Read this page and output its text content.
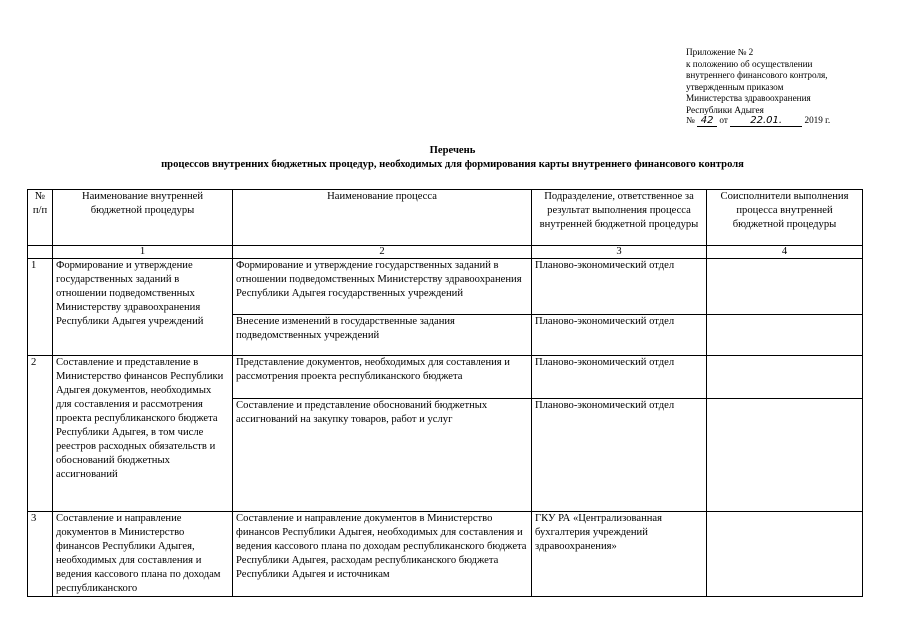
Приложение № 2
к положению об осуществлении
внутреннего финансового контроля,
утвержденным приказом
Министерства здравоохранения
Республики Адыгея
№ 42 от 22.01. 2019 г.
Перечень
процессов внутренних бюджетных процедур, необходимых для формирования карты внутреннего финансового контроля
№ п/п	Наименование внутренней бюджетной процедуры	Наименование процесса	Подразделение, ответственное за результат выполнения процесса внутренней бюджетной процедуры	Соисполнители выполнения процесса внутренней бюджетной процедуры
	1	2	3	4
1	Формирование и утверждение государственных заданий в отношении подведомственных Министерству здравоохранения Республики Адыгея учреждений	Формирование и утверждение государственных заданий в отношении подведомственных Министерству здравоохранения Республики Адыгея государственных учреждений	Планово-экономический отдел	
		Внесение изменений в государственные задания подведомственных учреждений	Планово-экономический отдел	
2	Составление и представление в Министерство финансов Республики Адыгея документов, необходимых для составления и рассмотрения проекта республиканского бюджета Республики Адыгея, в том числе реестров расходных обязательств и обоснований бюджетных ассигнований	Представление документов, необходимых для составления и рассмотрения проекта республиканского бюджета	Планово-экономический отдел	
		Составление и представление обоснований бюджетных ассигнований на закупку товаров, работ и услуг	Планово-экономический отдел	
3	Составление и направление документов в Министерство финансов Республики Адыгея, необходимых для составления и ведения кассового плана по доходам республиканского	Составление и направление документов в Министерство финансов Республики Адыгея, необходимых для составления и ведения кассового плана по доходам республиканского бюджета Республики Адыгея, расходам республиканского бюджета Республики Адыгея и источникам	ГКУ РА «Централизованная бухгалтерия учреждений здравоохранения»	
